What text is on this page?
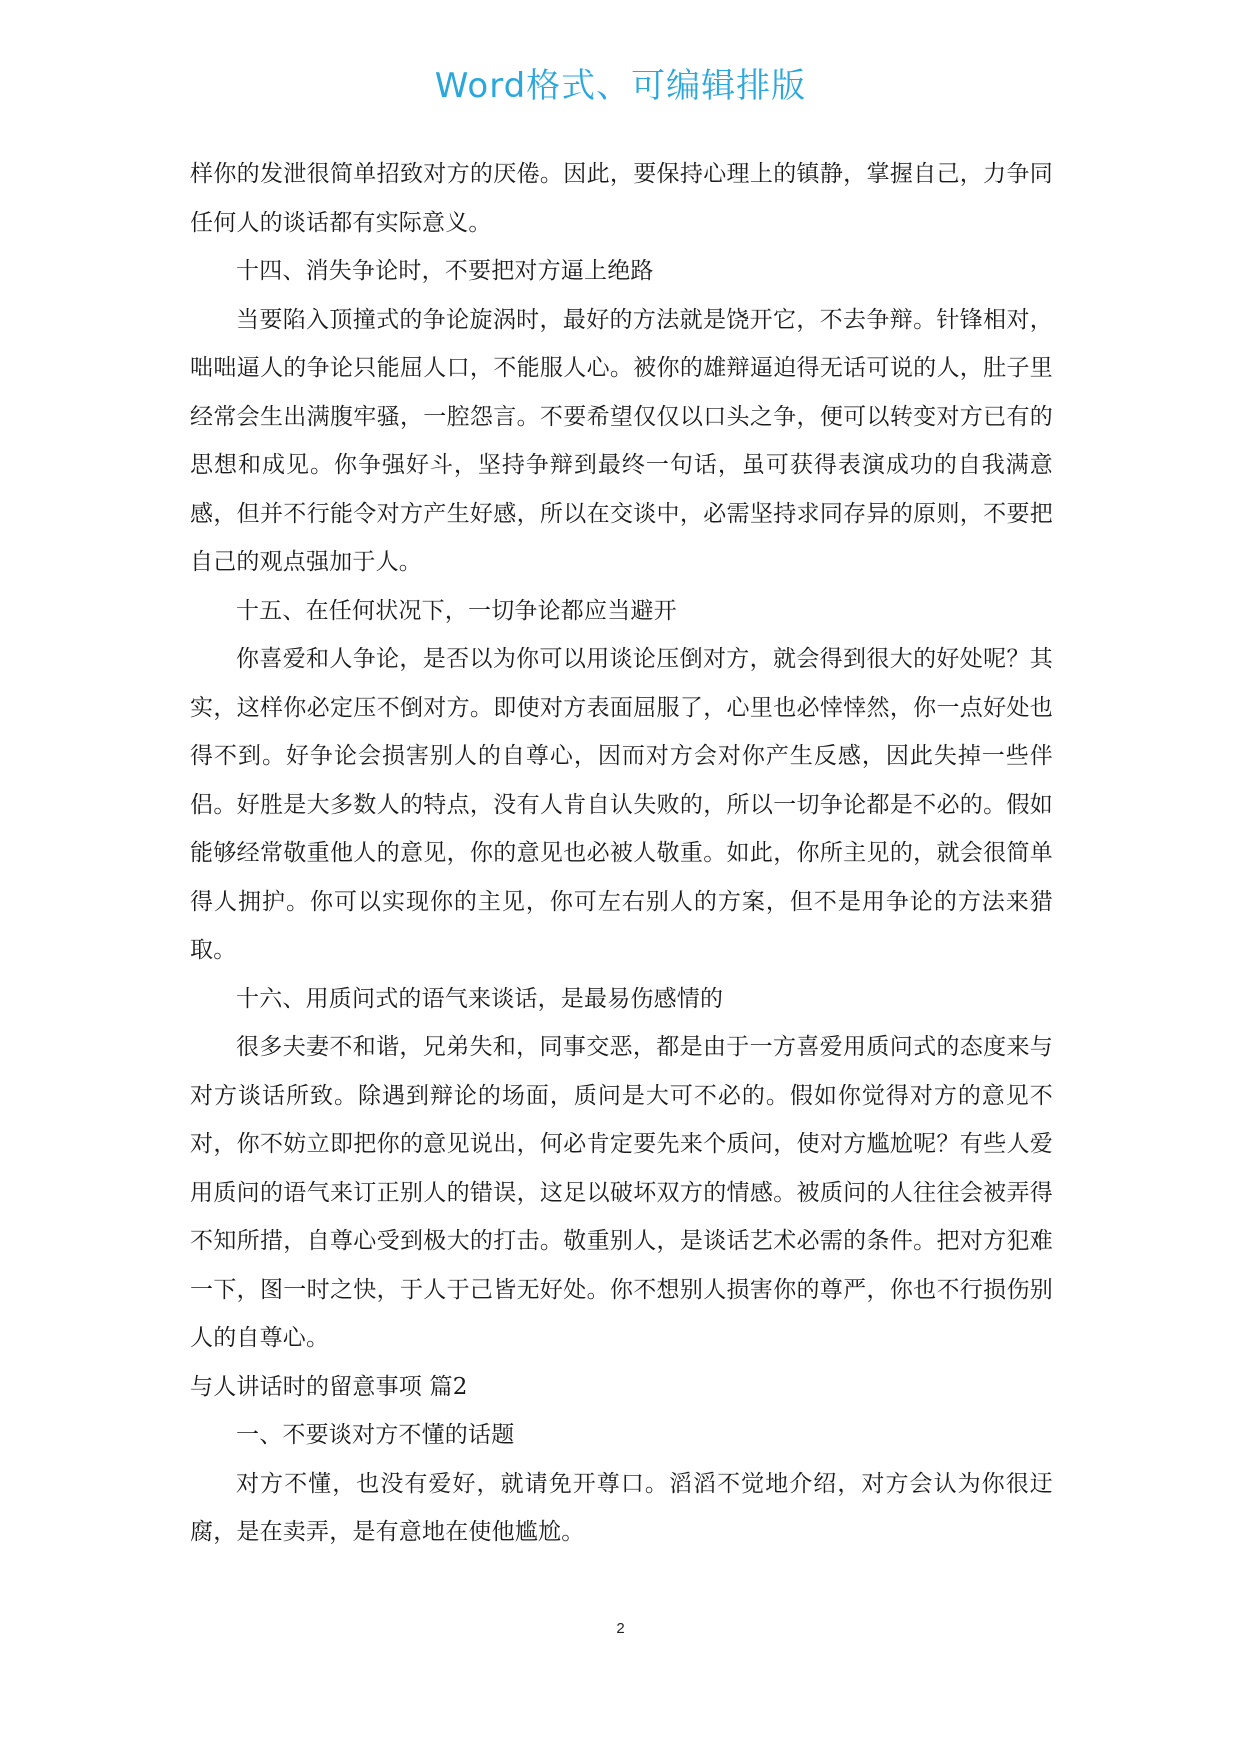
Word格式、可编辑排版

样你的发泄很简单招致对方的厌倦。因此，要保持心理上的镇静，掌握自己，力争同任何人的谈话都有实际意义。

十四、消失争论时，不要把对方逼上绝路

当要陷入顶撞式的争论旋涡时，最好的方法就是饶开它，不去争辩。针锋相对，咄咄逼人的争论只能屈人口，不能服人心。被你的雄辩逼迫得无话可说的人，肚子里经常会生出满腹牢骚，一腔怨言。不要希望仅仅以口头之争，便可以转变对方已有的思想和成见。你争强好斗，坚持争辩到最终一句话，虽可获得表演成功的自我满意感，但并不行能令对方产生好感，所以在交谈中，必需坚持求同存异的原则，不要把自己的观点强加于人。

十五、在任何状况下，一切争论都应当避开

你喜爱和人争论，是否以为你可以用谈论压倒对方，就会得到很大的好处呢？其实，这样你必定压不倒对方。即使对方表面屈服了，心里也必悻悻然，你一点好处也得不到。好争论会损害别人的自尊心，因而对方会对你产生反感，因此失掉一些伴侣。好胜是大多数人的特点，没有人肯自认失败的，所以一切争论都是不必的。假如能够经常敬重他人的意见，你的意见也必被人敬重。如此，你所主见的，就会很简单得人拥护。你可以实现你的主见，你可左右别人的方案，但不是用争论的方法来猎取。

十六、用质问式的语气来谈话，是最易伤感情的

很多夫妻不和谐，兄弟失和，同事交恶，都是由于一方喜爱用质问式的态度来与对方谈话所致。除遇到辩论的场面，质问是大可不必的。假如你觉得对方的意见不对，你不妨立即把你的意见说出，何必肯定要先来个质问，使对方尴尬呢？有些人爱用质问的语气来订正别人的错误，这足以破坏双方的情感。被质问的人往往会被弄得不知所措，自尊心受到极大的打击。敬重别人，是谈话艺术必需的条件。把对方犯难一下，图一时之快，于人于己皆无好处。你不想别人损害你的尊严，你也不行损伤别人的自尊心。

与人讲话时的留意事项 篇2

一、不要谈对方不懂的话题

对方不懂，也没有爱好，就请免开尊口。滔滔不觉地介绍，对方会认为你很迂腐，是在卖弄，是有意地在使他尴尬。

2
